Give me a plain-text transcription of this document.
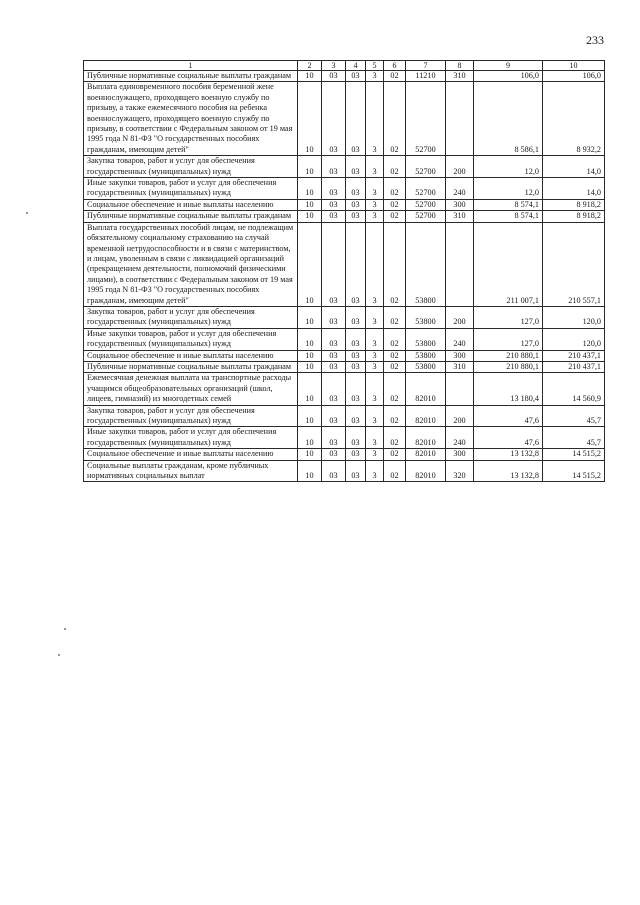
233
1	2	3	4	5	6	7	8	9	10
Публичные нормативные социальные выплаты гражданам	10	03	03	3	02	11210	310	106,0	106,0
Выплата единовременного пособия беременной жене военнослужащего, проходящего военную службу по призыву, а также ежемесячного пособия на ребенка военнослужащего, проходящего военную службу по призыву, в соответствии с Федеральным законом от 19 мая 1995 года N 81-ФЗ "О государственных пособиях гражданам, имеющим детей"	10	03	03	3	02	52700		8 586,1	8 932,2
Закупка товаров, работ и услуг для обеспечения государственных (муниципальных) нужд	10	03	03	3	02	52700	200	12,0	14,0
Иные закупки товаров, работ и услуг для обеспечения государственных (муниципальных) нужд	10	03	03	3	02	52700	240	12,0	14,0
Социальное обеспечение и иные выплаты населению	10	03	03	3	02	52700	300	8 574,1	8 918,2
Публичные нормативные социальные выплаты гражданам	10	03	03	3	02	52700	310	8 574,1	8 918,2
Выплата государственных пособий лицам, не подлежащим обязательному социальному страхованию на случай временной нетрудоспособности и в связи с материнством, и лицам, уволенным в связи с ликвидацией организаций (прекращением деятельности, полномочий физическими лицами), в соответствии с Федеральным законом от 19 мая 1995 года N 81-ФЗ "О государственных пособиях гражданам, имеющим детей"	10	03	03	3	02	53800		211 007,1	210 557,1
Закупка товаров, работ и услуг для обеспечения государственных (муниципальных) нужд	10	03	03	3	02	53800	200	127,0	120,0
Иные закупки товаров, работ и услуг для обеспечения государственных (муниципальных) нужд	10	03	03	3	02	53800	240	127,0	120,0
Социальное обеспечение и иные выплаты населению	10	03	03	3	02	53800	300	210 880,1	210 437,1
Публичные нормативные социальные выплаты гражданам	10	03	03	3	02	53800	310	210 880,1	210 437,1
Ежемесячная денежная выплата на транспортные расходы учащимся общеобразовательных организаций (школ, лицеев, гимназий) из многодетных семей	10	03	03	3	02	82010		13 180,4	14 560,9
Закупка товаров, работ и услуг для обеспечения государственных (муниципальных) нужд	10	03	03	3	02	82010	200	47,6	45,7
Иные закупки товаров, работ и услуг для обеспечения государственных (муниципальных) нужд	10	03	03	3	02	82010	240	47,6	45,7
Социальное обеспечение и иные выплаты населению	10	03	03	3	02	82010	300	13 132,8	14 515,2
Социальные выплаты гражданам, кроме публичных нормативных социальных выплат	10	03	03	3	02	82010	320	13 132,8	14 515,2
